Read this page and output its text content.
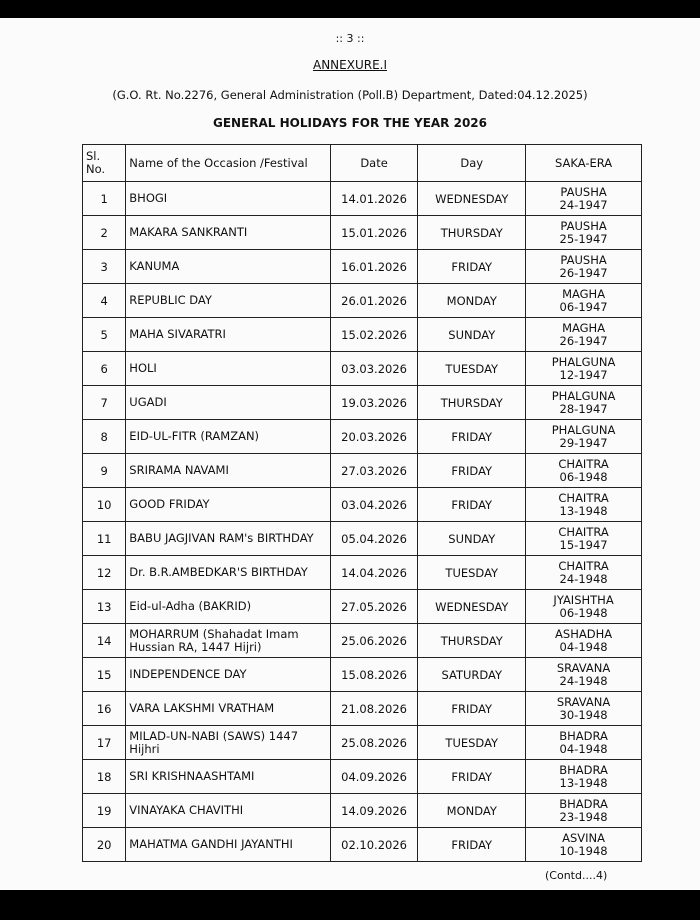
:: 3 ::
ANNEXURE.I
(G.O. Rt. No.2276, General Administration (Poll.B) Department, Dated:04.12.2025)
GENERAL HOLIDAYS FOR THE YEAR 2026
Sl. No.	Name of the Occasion /Festival	Date	Day	SAKA-ERA
1	BHOGI	14.01.2026	WEDNESDAY	PAUSHA
24-1947

2	MAKARA SANKRANTI	15.01.2026	THURSDAY	PAUSHA
25-1947

3	KANUMA	16.01.2026	FRIDAY	PAUSHA
26-1947

4	REPUBLIC DAY	26.01.2026	MONDAY	MAGHA
06-1947

5	MAHA SIVARATRI	15.02.2026	SUNDAY	MAGHA
26-1947

6	HOLI	03.03.2026	TUESDAY	PHALGUNA
12-1947

7	UGADI	19.03.2026	THURSDAY	PHALGUNA
28-1947

8	EID-UL-FITR (RAMZAN)	20.03.2026	FRIDAY	PHALGUNA
29-1947

9	SRIRAMA NAVAMI	27.03.2026	FRIDAY	CHAITRA
06-1948

10	GOOD FRIDAY	03.04.2026	FRIDAY	CHAITRA
13-1948

11	BABU JAGJIVAN RAM's BIRTHDAY	05.04.2026	SUNDAY	CHAITRA
15-1947

12	Dr. B.R.AMBEDKAR'S BIRTHDAY	14.04.2026	TUESDAY	CHAITRA
24-1948

13	Eid-ul-Adha (BAKRID)	27.05.2026	WEDNESDAY	JYAISHTHA
06-1948

14	MOHARRUM (Shahadat Imam Hussian RA, 1447 Hijri)	25.06.2026	THURSDAY	ASHADHA
04-1948

15	INDEPENDENCE DAY	15.08.2026	SATURDAY	SRAVANA
24-1948

16	VARA LAKSHMI VRATHAM	21.08.2026	FRIDAY	SRAVANA
30-1948

17	MILAD-UN-NABI (SAWS) 1447 Hijhri	25.08.2026	TUESDAY	BHADRA
04-1948

18	SRI KRISHNAASHTAMI	04.09.2026	FRIDAY	BHADRA
13-1948

19	VINAYAKA CHAVITHI	14.09.2026	MONDAY	BHADRA
23-1948

20	MAHATMA GANDHI JAYANTHI	02.10.2026	FRIDAY	ASVINA
10-1948
(Contd....4)
